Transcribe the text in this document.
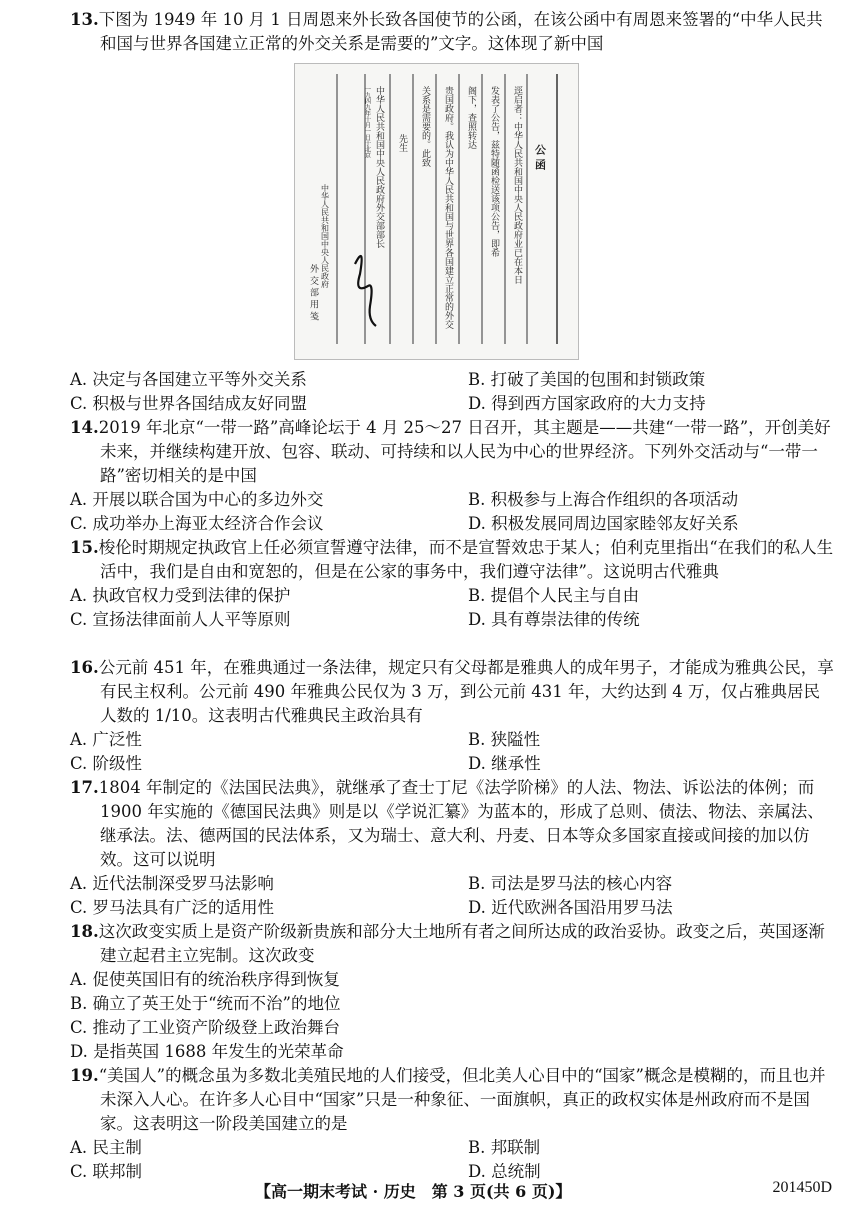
13.下图为 1949 年 10 月 1 日周恩来外长致各国使节的公函，在该公函中有周恩来签署的“中华人民共和国与世界各国建立正常的外交关系是需要的”文字。这体现了新中国
公 函
逕启者：中华人民共和国中央人民政府业已在本日
发表了公告，兹特随函检送该项公告，即希
阁下，查照转达
贵国政府。我认为中华人民共和国与世界各国建立正常的外交
关系是需要的。此致
先生
中华人民共和国中央人民政府外交部部长
一九四九年十月一日于北京
中华人民共和国中央人民政府
外 交 部 用 笺
A. 决定与各国建立平等外交关系	B. 打破了美国的包围和封锁政策
C. 积极与世界各国结成友好同盟	D. 得到西方国家政府的大力支持
14.2019 年北京“一带一路”高峰论坛于 4 月 25～27 日召开，其主题是——共建“一带一路”，开创美好未来，并继续构建开放、包容、联动、可持续和以人民为中心的世界经济。下列外交活动与“一带一路”密切相关的是中国
A. 开展以联合国为中心的多边外交	B. 积极参与上海合作组织的各项活动
C. 成功举办上海亚太经济合作会议	D. 积极发展同周边国家睦邻友好关系
15.梭伦时期规定执政官上任必须宣誓遵守法律，而不是宣誓效忠于某人；伯利克里指出“在我们的私人生活中，我们是自由和宽恕的，但是在公家的事务中，我们遵守法律”。这说明古代雅典
A. 执政官权力受到法律的保护	B. 提倡个人民主与自由
C. 宣扬法律面前人人平等原则	D. 具有尊崇法律的传统
16.公元前 451 年，在雅典通过一条法律，规定只有父母都是雅典人的成年男子，才能成为雅典公民，享有民主权利。公元前 490 年雅典公民仅为 3 万，到公元前 431 年，大约达到 4 万，仅占雅典居民人数的 1/10。这表明古代雅典民主政治具有
A. 广泛性	B. 狭隘性
C. 阶级性	D. 继承性
17.1804 年制定的《法国民法典》，就继承了查士丁尼《法学阶梯》的人法、物法、诉讼法的体例；而 1900 年实施的《德国民法典》则是以《学说汇纂》为蓝本的，形成了总则、债法、物法、亲属法、继承法。法、德两国的民法体系，又为瑞士、意大利、丹麦、日本等众多国家直接或间接的加以仿效。这可以说明
A. 近代法制深受罗马法影响	B. 司法是罗马法的核心内容
C. 罗马法具有广泛的适用性	D. 近代欧洲各国沿用罗马法
18.这次政变实质上是资产阶级新贵族和部分大土地所有者之间所达成的政治妥协。政变之后，英国逐渐建立起君主立宪制。这次政变
A. 促使英国旧有的统治秩序得到恢复
B. 确立了英王处于“统而不治”的地位
C. 推动了工业资产阶级登上政治舞台
D. 是指英国 1688 年发生的光荣革命
19.“美国人”的概念虽为多数北美殖民地的人们接受，但北美人心目中的“国家”概念是模糊的，而且也并未深入人心。在许多人心目中“国家”只是一种象征、一面旗帜，真正的政权实体是州政府而不是国家。这表明这一阶段美国建立的是
A. 民主制	B. 邦联制
C. 联邦制	D. 总统制
【高一期末考试 · 历史　第 3 页(共 6 页)】	201450D
